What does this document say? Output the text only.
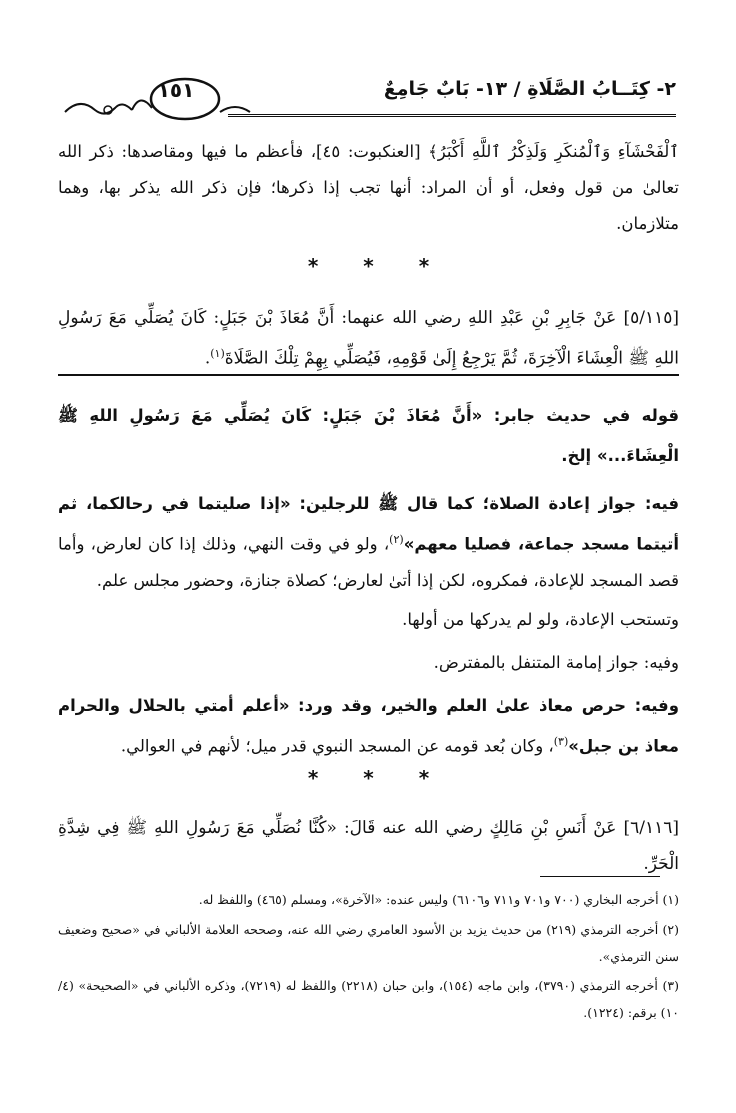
٢- كِتَــابُ الصَّلَاةِ / ١٣- بَابٌ جَامِعٌ
١٥١
ٱلْفَحْشَآءِ وَٱلْمُنكَرِ وَلَذِكْرُ ٱللَّهِ أَكْبَرُ﴾ [العنكبوت: ٤٥]، فأعظم ما فيها ومقاصدها: ذكر الله تعالىٰ من قول وفعل، أو أن المراد: أنها تجب إذا ذكرها؛ فإن ذكر الله يذكر بها، وهما متلازمان.
* * *
[٥/١١٥] عَنْ جَابِرِ بْنِ عَبْدِ اللهِ رضي الله عنهما: أَنَّ مُعَاذَ بْنَ جَبَلٍ: كَانَ يُصَلِّي مَعَ رَسُولِ اللهِ ﷺ الْعِشَاءَ الْآخِرَةَ، ثُمَّ يَرْجِعُ إِلَىٰ قَوْمِهِ، فَيُصَلِّي بِهِمْ تِلْكَ الصَّلَاةَ$^{(١)}$.
قوله في حديث جابر: «أَنَّ مُعَاذَ بْنَ جَبَلٍ: كَانَ يُصَلِّي مَعَ رَسُولِ اللهِ ﷺ الْعِشَاءَ...» إلخ.
فيه: جواز إعادة الصلاة؛ كما قال ﷺ للرجلين: «إذا صليتما في رحالكما، ثم أتيتما مسجد جماعة، فصليا معهم»$^{(٢)}$، ولو في وقت النهي، وذلك إذا كان لعارض، وأما قصد المسجد للإعادة، فمكروه، لكن إذا أتىٰ لعارض؛ كصلاة جنازة، وحضور مجلس علم.
وتستحب الإعادة، ولو لم يدركها من أولها.
وفيه: جواز إمامة المتنفل بالمفترض.
وفيه: حرص معاذ علىٰ العلم والخير، وقد ورد: «أعلم أمتي بالحلال والحرام معاذ بن جبل»$^{(٣)}$، وكان بُعد قومه عن المسجد النبوي قدر ميل؛ لأنهم في العوالي.
* * *
[٦/١١٦] عَنْ أَنَسِ بْنِ مَالِكٍ رضي الله عنه قَالَ: «كُنَّا نُصَلِّي مَعَ رَسُولِ اللهِ ﷺ فِي شِدَّةِ الْحَرِّ.
(١) أخرجه البخاري (٧٠٠ و٧٠١ و٧١١ و٦١٠٦) وليس عنده: «الآخرة»، ومسلم (٤٦٥) واللفظ له.
(٢) أخرجه الترمذي (٢١٩) من حديث يزيد بن الأسود العامري رضي الله عنه، وصححه العلامة الألباني في «صحيح وضعيف سنن الترمذي».
(٣) أخرجه الترمذي (٣٧٩٠)، وابن ماجه (١٥٤)، وابن حبان (٢٢١٨) واللفظ له (٧٢١٩)، وذكره الألباني في «الصحيحة» (٤/ ١٠) برقم: (١٢٢٤).
